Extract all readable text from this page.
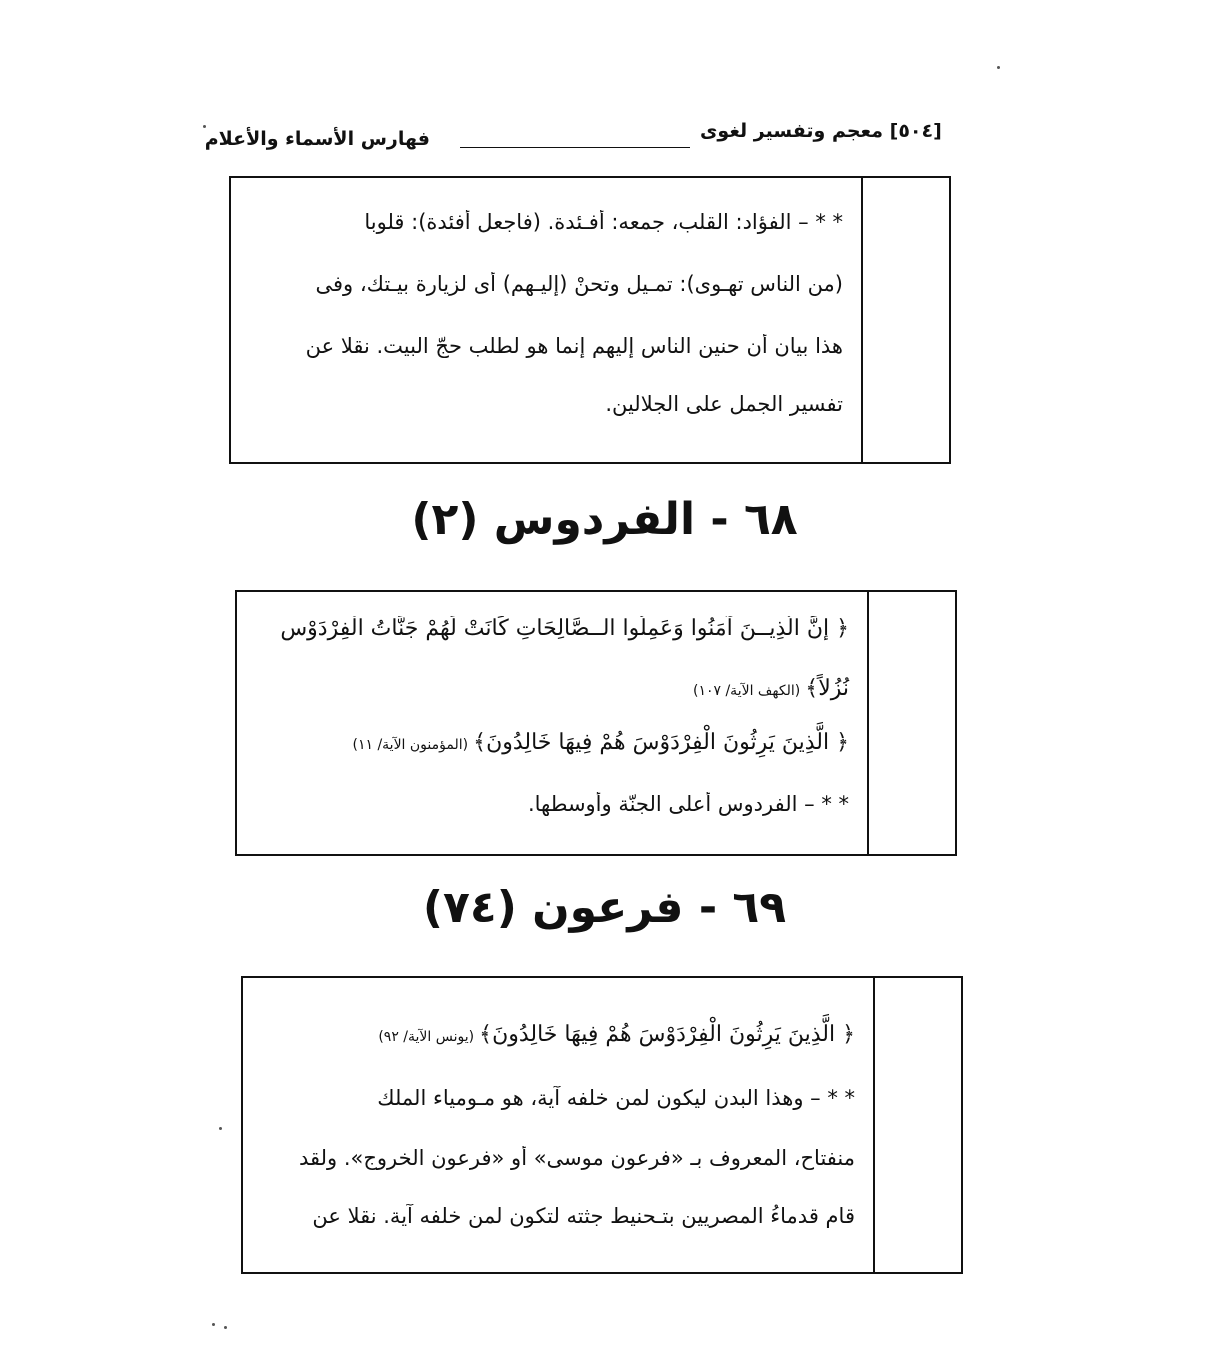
فهارس الأسماء والأعلام	[٥٠٤] معجم وتفسير لغوى
* * – الفؤاد: القلب، جمعه: أفـئدة. (فاجعل أفئدة): قلوبا
(من الناس تهـوى): تمـيل وتحنْ (إليـهم) أى لزيارة بيـتك، وفى
هذا بيان أن حنين الناس إليهم إنما هو لطلب حجّ البيت. نقلا عن
تفسير الجمل على الجلالين.
٦٨ - الفردوس (٢)
﴿ إِنَّ الَّذِيــنَ آمَنُوا وَعَمِلُوا الــصَّالِحَاتِ كَانَتْ لَهُمْ جَنَّاتُ الْفِرْدَوْسِ
نُزُلاً﴾ (الكهف الآية/ ١٠٧)
﴿ الَّذِينَ يَرِثُونَ الْفِرْدَوْسَ هُمْ فِيهَا خَالِدُونَ﴾ (المؤمنون الآية/ ١١)
* * – الفردوس أعلى الجنّة وأوسطها.
٦٩ - فرعون (٧٤)
﴿ الَّذِينَ يَرِثُونَ الْفِرْدَوْسَ هُمْ فِيهَا خَالِدُونَ﴾ (يونس الآية/ ٩٢)
* * – وهذا البدن ليكون لمن خلفه آية، هو مـومياء الملك
منفتاح، المعروف بـ «فرعون موسى» أو «فرعون الخروج». ولقد
قام قدماءُ المصريين بتـحنيط جثته لتكون لمن خلفه آية. نقلا عن
